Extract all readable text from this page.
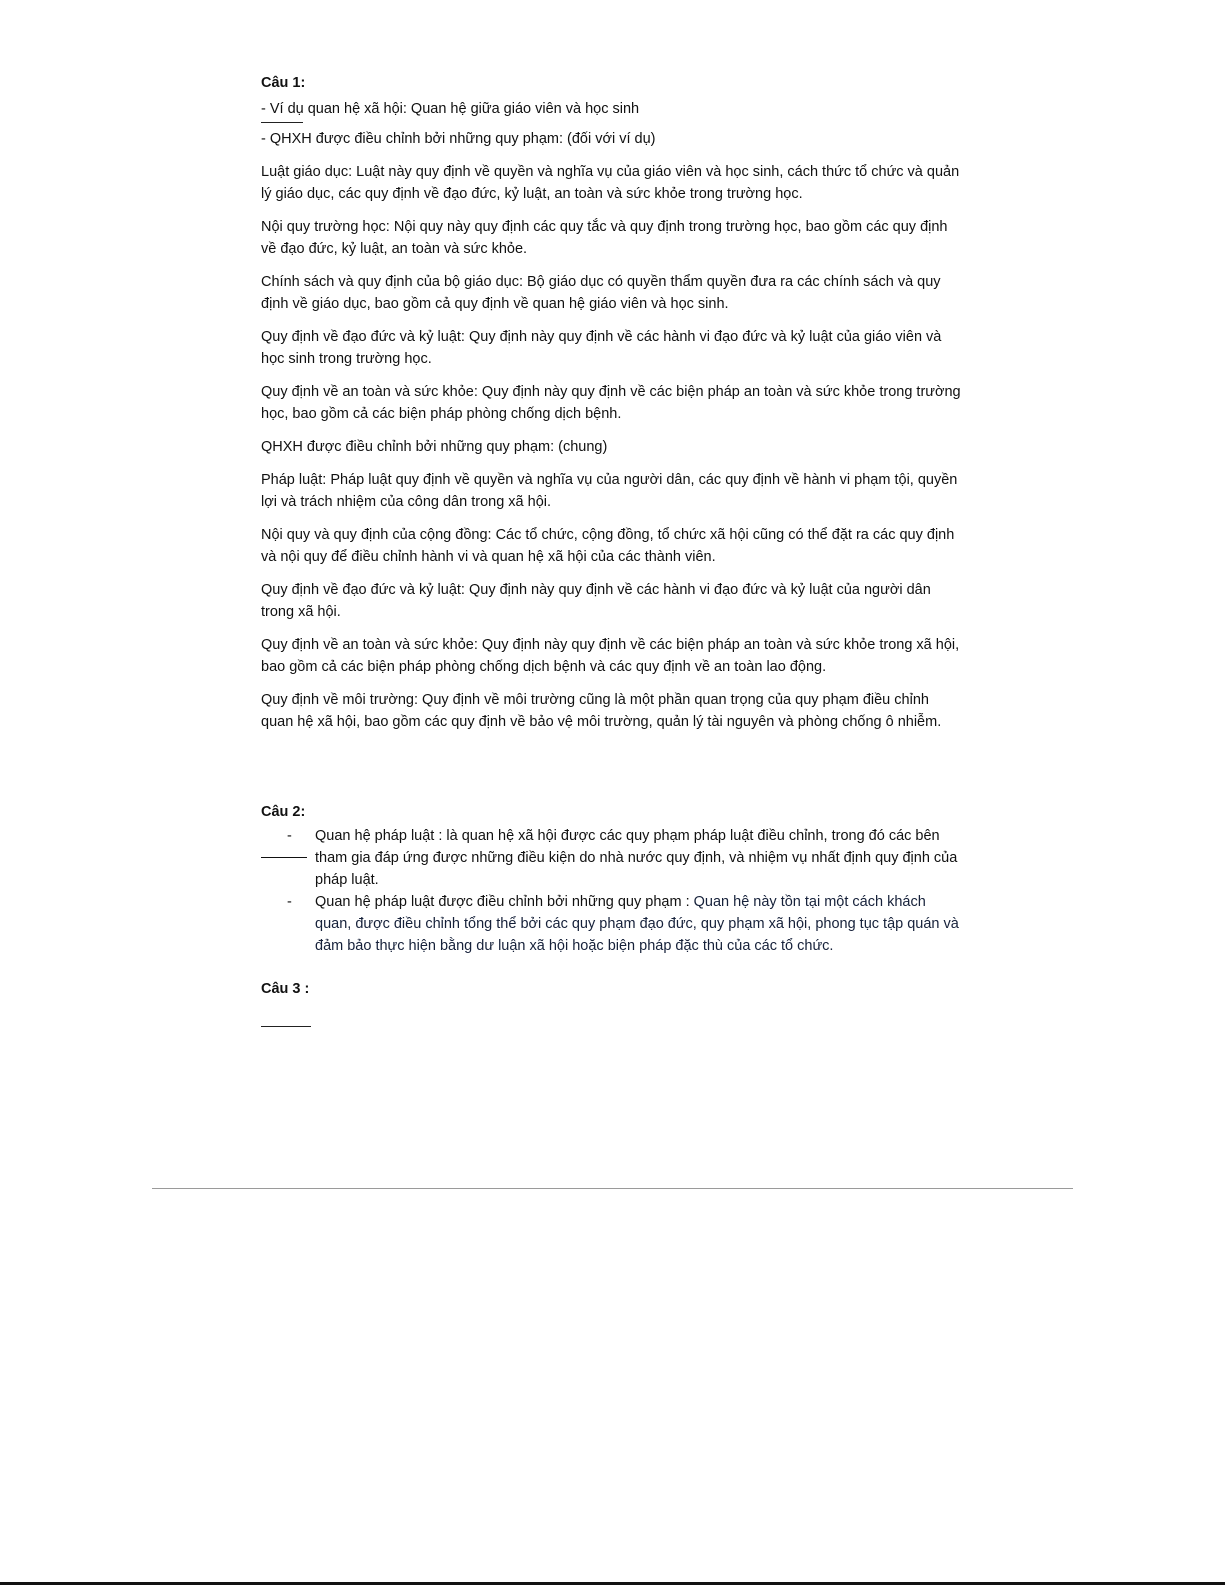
Câu 1:

- Ví dụ quan hệ xã hội: Quan hệ giữa giáo viên và học sinh

- QHXH được điều chỉnh bởi những quy phạm: (đối với ví dụ)

Luật giáo dục: Luật này quy định về quyền và nghĩa vụ của giáo viên và học sinh, cách thức tổ chức và quản lý giáo dục, các quy định về đạo đức, kỷ luật, an toàn và sức khỏe trong trường học.

Nội quy trường học: Nội quy này quy định các quy tắc và quy định trong trường học, bao gồm các quy định về đạo đức, kỷ luật, an toàn và sức khỏe.

Chính sách và quy định của bộ giáo dục: Bộ giáo dục có quyền thẩm quyền đưa ra các chính sách và quy định về giáo dục, bao gồm cả quy định về quan hệ giáo viên và học sinh.

Quy định về đạo đức và kỷ luật: Quy định này quy định về các hành vi đạo đức và kỷ luật của giáo viên và học sinh trong trường học.

Quy định về an toàn và sức khỏe: Quy định này quy định về các biện pháp an toàn và sức khỏe trong trường học, bao gồm cả các biện pháp phòng chống dịch bệnh.

QHXH được điều chỉnh bởi những quy phạm: (chung)

Pháp luật: Pháp luật quy định về quyền và nghĩa vụ của người dân, các quy định về hành vi phạm tội, quyền lợi và trách nhiệm của công dân trong xã hội.

Nội quy và quy định của cộng đồng: Các tổ chức, cộng đồng, tổ chức xã hội cũng có thể đặt ra các quy định và nội quy để điều chỉnh hành vi và quan hệ xã hội của các thành viên.

Quy định về đạo đức và kỷ luật: Quy định này quy định về các hành vi đạo đức và kỷ luật của người dân trong xã hội.

Quy định về an toàn và sức khỏe: Quy định này quy định về các biện pháp an toàn và sức khỏe trong xã hội, bao gồm cả các biện pháp phòng chống dịch bệnh và các quy định về an toàn lao động.

Quy định về môi trường: Quy định về môi trường cũng là một phần quan trọng của quy phạm điều chỉnh quan hệ xã hội, bao gồm các quy định về bảo vệ môi trường, quản lý tài nguyên và phòng chống ô nhiễm.

Câu 2:

- Quan hệ pháp luật : là quan hệ xã hội được các quy phạm pháp luật điều chỉnh, trong đó các bên tham gia đáp ứng được những điều kiện do nhà nước quy định, và nhiệm vụ nhất định quy định của pháp luật.
- Quan hệ pháp luật được điều chỉnh bởi những quy phạm : Quan hệ này tồn tại một cách khách quan, được điều chỉnh tổng thể bởi các quy phạm đạo đức, quy phạm xã hội, phong tục tập quán và đảm bảo thực hiện bằng dư luận xã hội hoặc biện pháp đặc thù của các tổ chức.

Câu 3 :
